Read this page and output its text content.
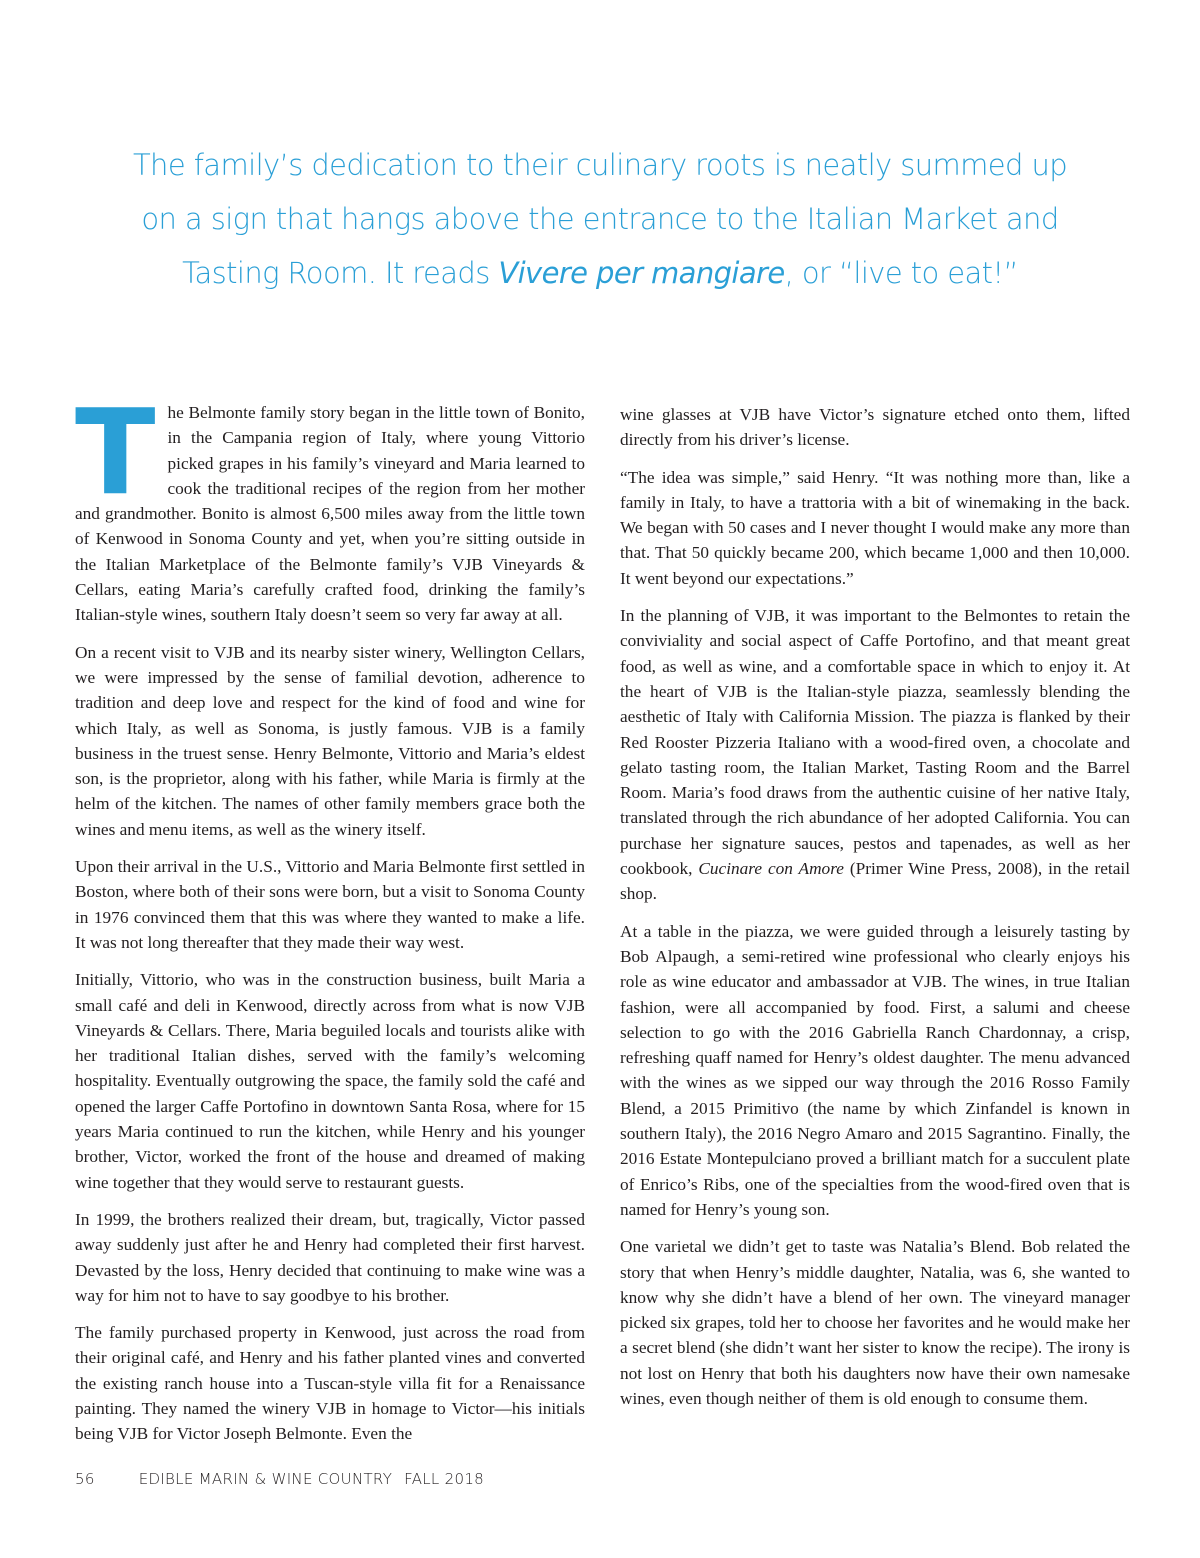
The family’s dedication to their culinary roots is neatly summed up on a sign that hangs above the entrance to the Italian Market and Tasting Room. It reads Vivere per mangiare, or “live to eat!”

The Belmonte family story began in the little town of Bonito, in the Campania region of Italy, where young Vittorio picked grapes in his family’s vineyard and Maria learned to cook the traditional recipes of the region from her mother and grandmother. Bonito is almost 6,500 miles away from the little town of Kenwood in Sonoma County and yet, when you’re sitting outside in the Italian Marketplace of the Belmonte family’s VJB Vineyards & Cellars, eating Maria’s carefully crafted food, drinking the family’s Italian-style wines, southern Italy doesn’t seem so very far away at all.

On a recent visit to VJB and its nearby sister winery, Wellington Cellars, we were impressed by the sense of familial devotion, adherence to tradition and deep love and respect for the kind of food and wine for which Italy, as well as Sonoma, is justly famous. VJB is a family business in the truest sense. Henry Belmonte, Vittorio and Maria’s eldest son, is the proprietor, along with his father, while Maria is firmly at the helm of the kitchen. The names of other family members grace both the wines and menu items, as well as the winery itself.

Upon their arrival in the U.S., Vittorio and Maria Belmonte first settled in Boston, where both of their sons were born, but a visit to Sonoma County in 1976 convinced them that this was where they wanted to make a life. It was not long thereafter that they made their way west.

Initially, Vittorio, who was in the construction business, built Maria a small café and deli in Kenwood, directly across from what is now VJB Vineyards & Cellars. There, Maria beguiled locals and tourists alike with her traditional Italian dishes, served with the family’s welcoming hospitality. Eventually outgrowing the space, the family sold the café and opened the larger Caffe Portofino in downtown Santa Rosa, where for 15 years Maria continued to run the kitchen, while Henry and his younger brother, Victor, worked the front of the house and dreamed of making wine together that they would serve to restaurant guests.

In 1999, the brothers realized their dream, but, tragically, Victor passed away suddenly just after he and Henry had completed their first harvest. Devasted by the loss, Henry decided that continuing to make wine was a way for him not to have to say goodbye to his brother.

The family purchased property in Kenwood, just across the road from their original café, and Henry and his father planted vines and converted the existing ranch house into a Tuscan-style villa fit for a Renaissance painting. They named the winery VJB in homage to Victor—his initials being VJB for Victor Joseph Belmonte. Even the

wine glasses at VJB have Victor’s signature etched onto them, lifted directly from his driver’s license.

“The idea was simple,” said Henry. “It was nothing more than, like a family in Italy, to have a trattoria with a bit of winemaking in the back. We began with 50 cases and I never thought I would make any more than that. That 50 quickly became 200, which became 1,000 and then 10,000. It went beyond our expectations.”

In the planning of VJB, it was important to the Belmontes to retain the conviviality and social aspect of Caffe Portofino, and that meant great food, as well as wine, and a comfortable space in which to enjoy it. At the heart of VJB is the Italian-style piazza, seamlessly blending the aesthetic of Italy with California Mission. The piazza is flanked by their Red Rooster Pizzeria Italiano with a wood-fired oven, a chocolate and gelato tasting room, the Italian Market, Tasting Room and the Barrel Room. Maria’s food draws from the authentic cuisine of her native Italy, translated through the rich abundance of her adopted California. You can purchase her signature sauces, pestos and tapenades, as well as her cookbook, Cucinare con Amore (Primer Wine Press, 2008), in the retail shop.

At a table in the piazza, we were guided through a leisurely tasting by Bob Alpaugh, a semi-retired wine professional who clearly enjoys his role as wine educator and ambassador at VJB. The wines, in true Italian fashion, were all accompanied by food. First, a salumi and cheese selection to go with the 2016 Gabriella Ranch Chardonnay, a crisp, refreshing quaff named for Henry’s oldest daughter. The menu advanced with the wines as we sipped our way through the 2016 Rosso Family Blend, a 2015 Primitivo (the name by which Zinfandel is known in southern Italy), the 2016 Negro Amaro and 2015 Sagrantino. Finally, the 2016 Estate Montepulciano proved a brilliant match for a succulent plate of Enrico’s Ribs, one of the specialties from the wood-fired oven that is named for Henry’s young son.

One varietal we didn’t get to taste was Natalia’s Blend. Bob related the story that when Henry’s middle daughter, Natalia, was 6, she wanted to know why she didn’t have a blend of her own. The vineyard manager picked six grapes, told her to choose her favorites and he would make her a secret blend (she didn’t want her sister to know the recipe). The irony is not lost on Henry that both his daughters now have their own namesake wines, even though neither of them is old enough to consume them.

56	EDIBLE MARIN & WINE COUNTRY FALL 2018
